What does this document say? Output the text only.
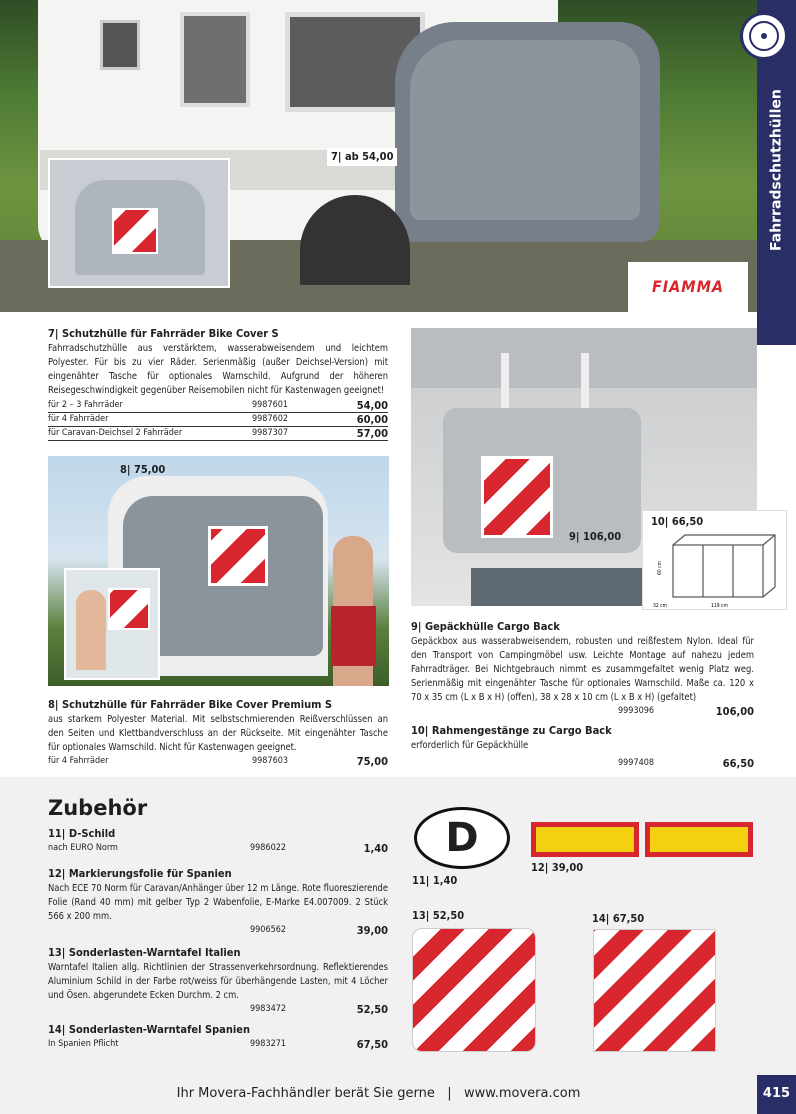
7| ab 54,00
FIAMMA
Fahrradschutzhüllen
7| Schutzhülle für Fahrräder Bike Cover S
Fahrradschutzhülle aus verstärktem, wasserabweisendem und leichtem Polyester. Für bis zu vier Räder. Serienmäßig (außer Deichsel-Version) mit eingenähter Tasche für optionales Warnschild. Aufgrund der höheren Reisegeschwindigkeit gegenüber Reisemobilen nicht für Kastenwagen geeignet!
für 2 – 3 Fahrräder	9987601	54,00
für 4 Fahrräder	9987602	60,00
für Caravan-Deichsel 2 Fahrräder	9987307	57,00
8| 75,00
8| Schutzhülle für Fahrräder Bike Cover Premium S
aus starkem Polyester Material. Mit selbstschmierenden Reißverschlüssen an den Seiten und Klettbandverschluss an der Rückseite. Mit eingenähter Tasche für optionales Warnschild. Nicht für Kastenwagen geeignet.
für 4 Fahrräder	9987603	75,00
9| 106,00
10| 66,50
60 cm
119 cm
32 cm
9| Gepäckhülle Cargo Back
Gepäckbox aus wasserabweisendem, robusten und reißfestem Nylon. Ideal für den Transport von Campingmöbel usw. Leichte Montage auf nahezu jedem Fahrradträger. Bei Nichtgebrauch nimmt es zusammgefaltet wenig Platz weg. Serienmäßig mit eingenähter Tasche für optionales Warnschild. Maße ca. 120 x 70 x 35 cm (L x B x H) (offen), 38 x 28 x 10 cm (L x B x H) (gefaltet)
9993096	106,00
10| Rahmengestänge zu Cargo Back
erforderlich für Gepäckhülle
9997408	66,50
Zubehör
11| D-Schild
nach EURO Norm	9986022	1,40
12| Markierungsfolie für Spanien
Nach ECE 70 Norm für Caravan/Anhänger über 12 m Länge. Rote fluoreszierende Folie (Rand 40 mm) mit gelber Typ 2 Wabenfolie, E-Marke E4.007009. 2 Stück 566 x 200 mm.
9906562	39,00
13| Sonderlasten-Warntafel Italien
Warntafel Italien allg. Richtlinien der Strassenverkehrsordnung. Reflektierendes Aluminium Schild in der Farbe rot/weiss für überhängende Lasten, mit 4 Löcher und Ösen. abgerundete Ecken Durchm. 2 cm.
9983472	52,50
14| Sonderlasten-Warntafel Spanien
In Spanien Pflicht	9983271	67,50
D
11| 1,40
12| 39,00
13| 52,50	14| 67,50
Ihr Movera-Fachhändler berät Sie gerne   |   www.movera.com	415
